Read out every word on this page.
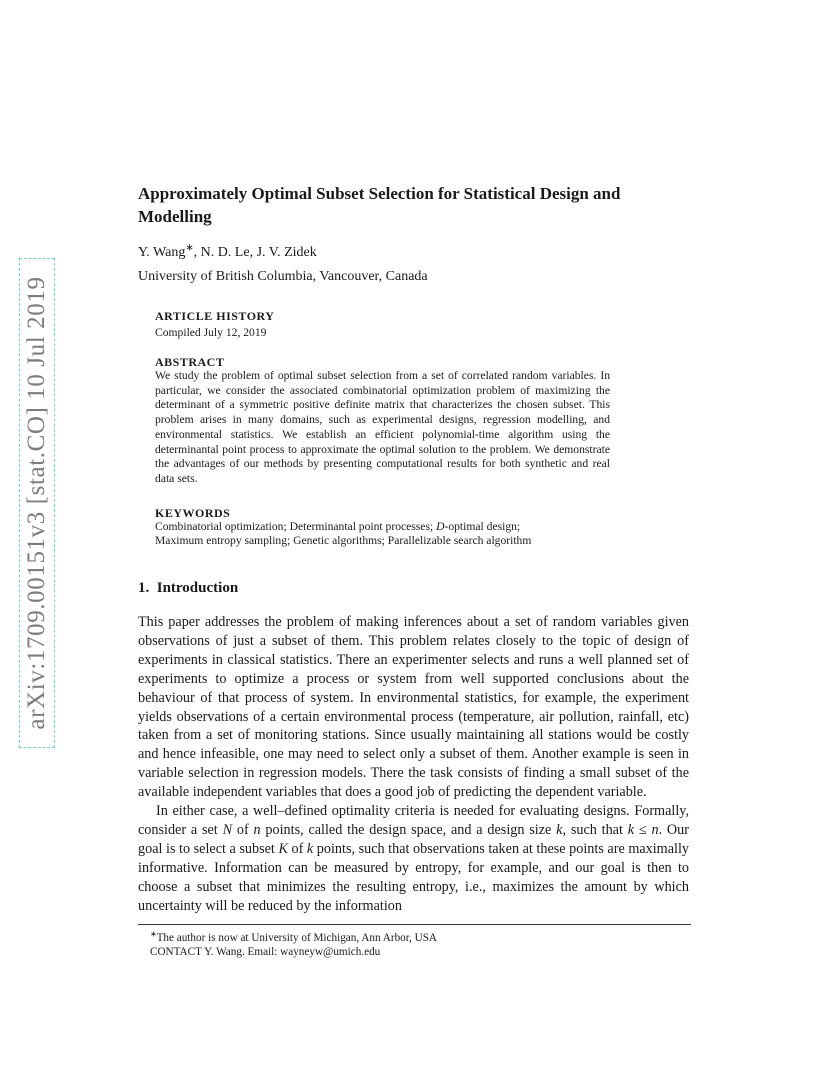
arXiv:1709.00151v3 [stat.CO] 10 Jul 2019
Approximately Optimal Subset Selection for Statistical Design and Modelling
Y. Wang∗, N. D. Le, J. V. Zidek
University of British Columbia, Vancouver, Canada
ARTICLE HISTORY
Compiled July 12, 2019
ABSTRACT
We study the problem of optimal subset selection from a set of correlated random variables. In particular, we consider the associated combinatorial optimization problem of maximizing the determinant of a symmetric positive definite matrix that characterizes the chosen subset. This problem arises in many domains, such as experimental designs, regression modelling, and environmental statistics. We establish an efficient polynomial-time algorithm using the determinantal point process to approximate the optimal solution to the problem. We demonstrate the advantages of our methods by presenting computational results for both synthetic and real data sets.
KEYWORDS
Combinatorial optimization; Determinantal point processes; D-optimal design;
Maximum entropy sampling; Genetic algorithms; Parallelizable search algorithm
1. Introduction

This paper addresses the problem of making inferences about a set of random variables given observations of just a subset of them. This problem relates closely to the topic of design of experiments in classical statistics. There an experimenter selects and runs a well planned set of experiments to optimize a process or system from well supported conclusions about the behaviour of that process of system. In environmental statistics, for example, the experiment yields observations of a certain environmental process (temperature, air pollution, rainfall, etc) taken from a set of monitoring stations. Since usually maintaining all stations would be costly and hence infeasible, one may need to select only a subset of them. Another example is seen in variable selection in regression models. There the task consists of finding a small subset of the available independent variables that does a good job of predicting the dependent variable.

In either case, a well–defined optimality criteria is needed for evaluating designs. Formally, consider a set N of n points, called the design space, and a design size k, such that k ≤ n. Our goal is to select a subset K of k points, such that observations taken at these points are maximally informative. Information can be measured by entropy, for example, and our goal is then to choose a subset that minimizes the resulting entropy, i.e., maximizes the amount by which uncertainty will be reduced by the information

∗The author is now at University of Michigan, Ann Arbor, USA
CONTACT Y. Wang. Email: wayneyw@umich.edu
